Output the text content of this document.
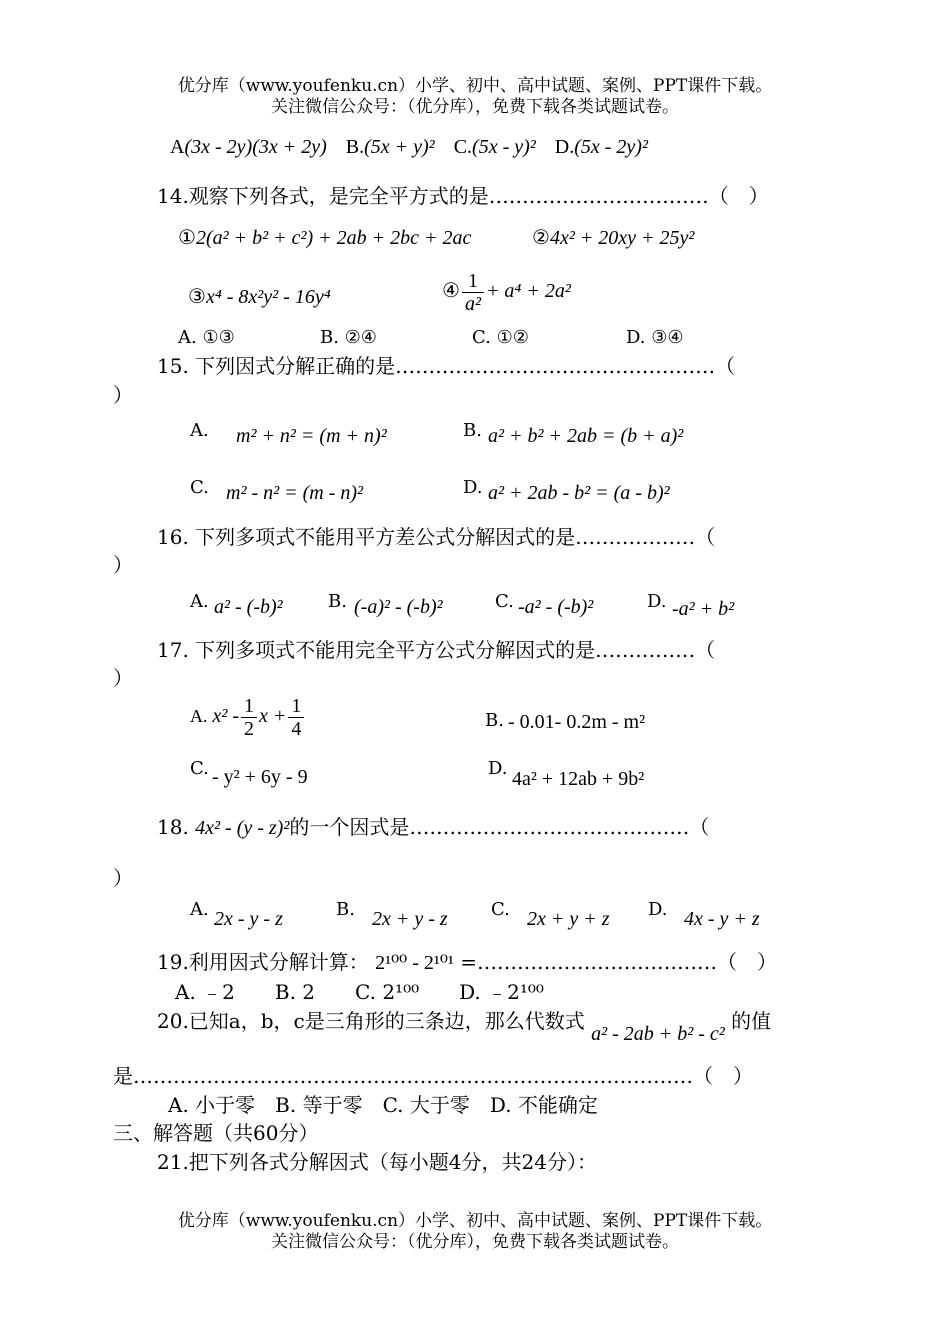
优分库（www.youfenku.cn）小学、初中、高中试题、案例、PPT课件下载。
关注微信公众号：（优分库），免费下载各类试题试卷。
A(3x - 2y)(3x + 2y) B.(5x + y)² C.(5x - y)² D.(5x - 2y)²
14.观察下列各式，是完全平方式的是……………………………（　）
①2(a² + b² + c²) + 2ab + 2bc + 2ac	②4x² + 20xy + 25y²
③x⁴ - 8x²y² - 16y⁴	④ $\frac{1}{\text{a²}} + a^4 + 2a^2$
A. ①③	B. ②④	C. ①②	D. ③④
15. 下列因式分解正确的是…………………………………………（
）
A. m² + n² = (m + n)²	B. a² + b² + 2ab = (b + a)²
C. m² - n² = (m - n)²	D. a² + 2ab - b² = (a - b)²
16. 下列多项式不能用平方差公式分解因式的是………………（
）
A. a² - (-b)²	B. (-a)² - (-b)²	C. -a² - (-b)²	D. -a² + b²
17. 下列多项式不能用完全平方公式分解因式的是……………（
）
A. $x^2 - \frac{1}{2}$ $x + \frac{1}{4}$	B. - 0.01- 0.2m - m²
C. - y² + 6y - 9	D. 4a² + 12ab + 9b²
18. 4x² - (y - z)²的一个因式是……………………………………（
）
A. 2x - y - z	B. 2x + y - z C. 2x + y + z D. 4x - y + z
19.利用因式分解计算： 2¹⁰⁰ - 2¹⁰¹ =………………………………（　）
A. ﹣2　　B. 2　　C. 2¹⁰⁰　　D. ﹣2¹⁰⁰
20.已知a，b，c是三角形的三条边，那么代数式 a² - 2ab + b² - c² 的值
是…………………………………………………………………………（　）
A. 小于零　B. 等于零　C. 大于零　D. 不能确定
三、解答题（共60分）
21.把下列各式分解因式（每小题4分，共24分）：
优分库（www.youfenku.cn）小学、初中、高中试题、案例、PPT课件下载。
关注微信公众号：（优分库），免费下载各类试题试卷。
